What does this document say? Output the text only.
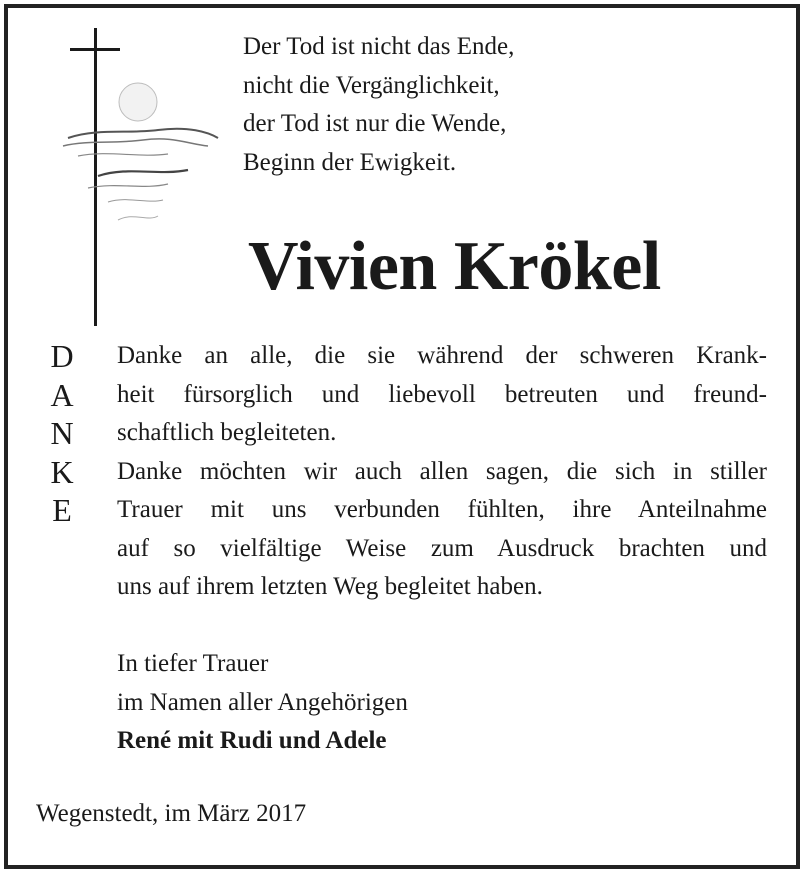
Der Tod ist nicht das Ende,
nicht die Vergänglichkeit,
der Tod ist nur die Wende,
Beginn der Ewigkeit.
Vivien Krökel
D
A
N
K
E
Danke an alle, die sie während der schweren Krank-
heit fürsorglich und liebevoll betreuten und freund-
schaftlich begleiteten.
Danke möchten wir auch allen sagen, die sich in stiller
Trauer mit uns verbunden fühlten, ihre Anteilnahme
auf so vielfältige Weise zum Ausdruck brachten und
uns auf ihrem letzten Weg begleitet haben.
In tiefer Trauer
im Namen aller Angehörigen
René mit Rudi und Adele
Wegenstedt, im März 2017
